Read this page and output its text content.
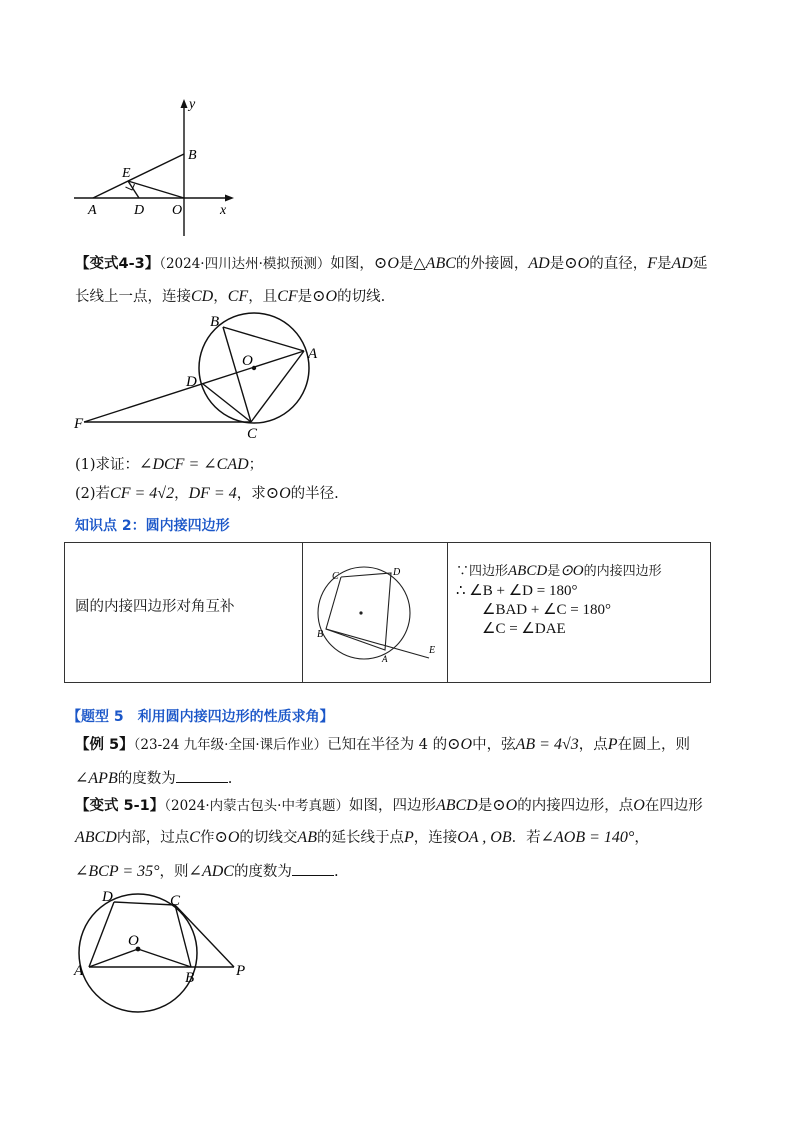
y
B
E
A	D O	x
【变式4-3】（2024·四川达州·模拟预测）如图，⊙O是△ABC的外接圆，AD是⊙O的直径，F是AD延
长线上一点，连接CD，CF，且CF是⊙O的切线.
B
O	A
D
F
C
(1)求证：∠DCF = ∠CAD；
(2)若CF = 4√2，DF = 4，求⊙O的半径.
知识点 2：圆内接四边形
圆的内接四边形对角互补
C	D
B
A
E
∵四边形ABCD是⊙O的内接四边形
∴ ∠B + ∠D = 180°
∠BAD + ∠C = 180°
∠C = ∠DAE
【题型 5　利用圆内接四边形的性质求角】
【例 5】（23-24 九年级·全国·课后作业）已知在半径为 4 的⊙O中，弦AB = 4√3，点P在圆上，则
∠APB的度数为	.
【变式 5-1】（2024·内蒙古包头·中考真题）如图，四边形ABCD是⊙O的内接四边形，点O在四边形
ABCD内部，过点C作⊙O的切线交AB的延长线于点P，连接OA , OB．若∠AOB = 140°，
∠BCP = 35°，则∠ADC的度数为	.
D	C
O
A	B	P
